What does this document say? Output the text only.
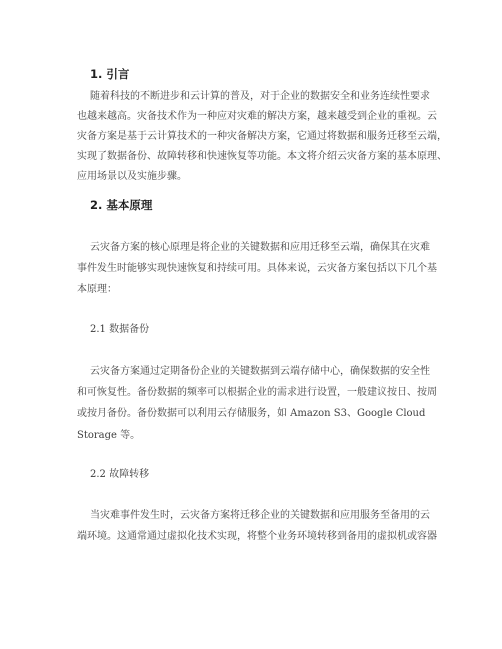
1. 引言
随着科技的不断进步和云计算的普及，对于企业的数据安全和业务连续性要求
也越来越高。灾备技术作为一种应对灾难的解决方案，越来越受到企业的重视。云
灾备方案是基于云计算技术的一种灾备解决方案，它通过将数据和服务迁移至云端，
实现了数据备份、故障转移和快速恢复等功能。本文将介绍云灾备方案的基本原理、
应用场景以及实施步骤。
2. 基本原理
云灾备方案的核心原理是将企业的关键数据和应用迁移至云端，确保其在灾难
事件发生时能够实现快速恢复和持续可用。具体来说，云灾备方案包括以下几个基
本原理：
2.1 数据备份
云灾备方案通过定期备份企业的关键数据到云端存储中心，确保数据的安全性
和可恢复性。备份数据的频率可以根据企业的需求进行设置，一般建议按日、按周
或按月备份。备份数据可以利用云存储服务，如 Amazon S3、Google Cloud
Storage 等。
2.2 故障转移
当灾难事件发生时，云灾备方案将迁移企业的关键数据和应用服务至备用的云
端环境。这通常通过虚拟化技术实现，将整个业务环境转移到备用的虚拟机或容器
